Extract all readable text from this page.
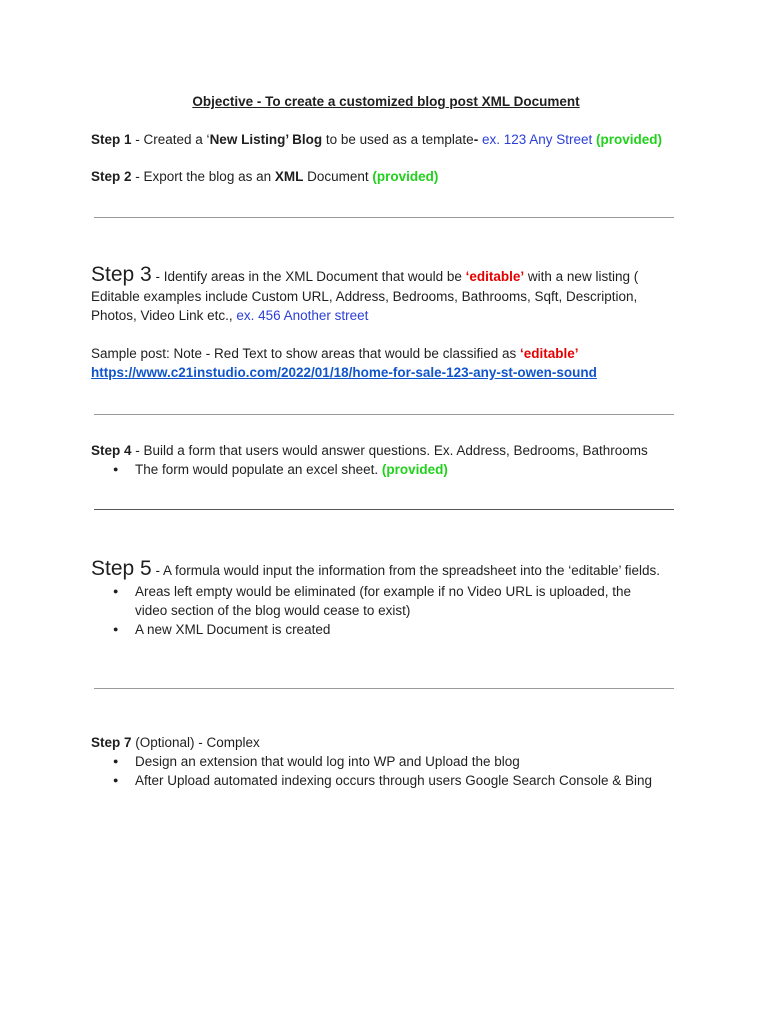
Objective - To create a customized blog post XML Document
Step 1 - Created a ‘New Listing’ Blog to be used as a template- ex. 123 Any Street (provided)
Step 2 - Export the blog as an XML Document (provided)
Step 3 - Identify areas in the XML Document that would be ‘editable’ with a new listing (
Editable examples include Custom URL, Address, Bedrooms, Bathrooms, Sqft, Description,
Photos, Video Link etc., ex. 456 Another street
Sample post: Note - Red Text to show areas that would be classified as ‘editable’
https://www.c21instudio.com/2022/01/18/home-for-sale-123-any-st-owen-sound
Step 4 - Build a form that users would answer questions. Ex. Address, Bedrooms, Bathrooms
● The form would populate an excel sheet. (provided)
Step 5 - A formula would input the information from the spreadsheet into the ‘editable’ fields.
● Areas left empty would be eliminated (for example if no Video URL is uploaded, the
video section of the blog would cease to exist)
● A new XML Document is created
Step 7 (Optional) - Complex
● Design an extension that would log into WP and Upload the blog
● After Upload automated indexing occurs through users Google Search Console & Bing
